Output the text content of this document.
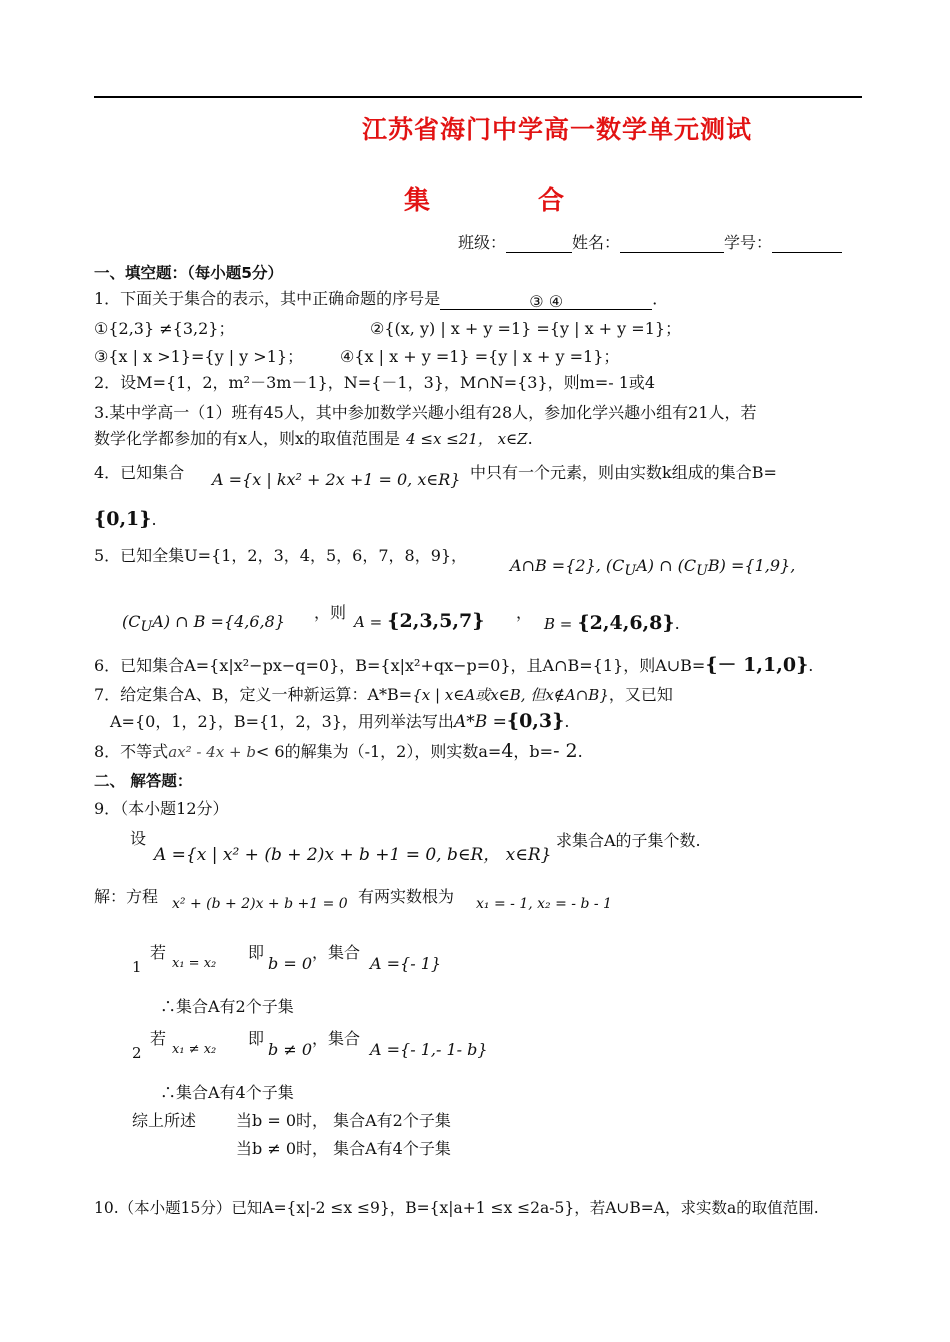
江苏省海门中学高一数学单元测试
集	合
班级：	姓名：	学号：
一、填空题：（每小题5分）
1．下面关于集合的表示，其中正确命题的序号是	③ ④	．
①{2,3} ≠{3,2}；	②{(x, y) | x + y =1} ={y | x + y =1}；
③{x | x >1}={y | y >1}； ④{x | x + y =1} ={y | x + y =1}；
2．设M={1，2，m²－3m－1}，N={－1，3}，M∩N={3}，则m=- 1或4
3.某中学高一（1）班有45人，其中参加数学兴趣小组有28人，参加化学兴趣小组有21人，若
数学化学都参加的有x人，则x的取值范围是 4 ≤x ≤21， x∈Z.
4．已知集合 A ={x | kx² + 2x +1 = 0, x∈R} 中只有一个元素，则由实数k组成的集合B=
{0,1}.
5．已知全集U={1，2，3，4，5，6，7，8，9}，
A∩B ={2}, $(C_UA)$ ∩ $(C_UB) =\{1,9\}$,
$(C_UA)$ ∩ B ={4,6,8} ，则 A = {2,3,5,7} ，
B = {2,4,6,8}.
6．已知集合A={x|x²−px−q=0}，B={x|x²+qx−p=0}，且A∩B={1}，则A∪B={－ 1,1,0}.
7．给定集合A、B，定义一种新运算：A*B={x | x∈A或x∈B, 但x∉A∩B}，又已知
A={0，1，2}，B={1，2，3}，用列举法写出A*B ={0,3}.
8．不等式ax² - 4x + b< 6的解集为（-1，2），则实数a=4，b=- 2.
二、 解答题：
9．（本小题12分）
设
A ={x | x² + (b + 2)x + b +1 = 0, b∈R， x∈R}
求集合A的子集个数.
解：方程 x² + (b + 2)x + b +1 = 0 有两实数根为 x₁ = - 1, x₂ = - b - 1
1
若
x₁ = x₂
即
b = 0
，集合
A ={- 1}
∴集合A有2个子集
2
若
x₁ ≠ x₂
即
b ≠ 0
，集合
A ={- 1,- 1- b}
∴集合A有4个子集
综上所述 当b = 0时， 集合A有2个子集
当b ≠ 0时， 集合A有4个子集
10.（本小题15分）已知A={x|-2 ≤x ≤9}，B={x|a+1 ≤x ≤2a-5}，若A∪B=A，求实数a的取值范围.
